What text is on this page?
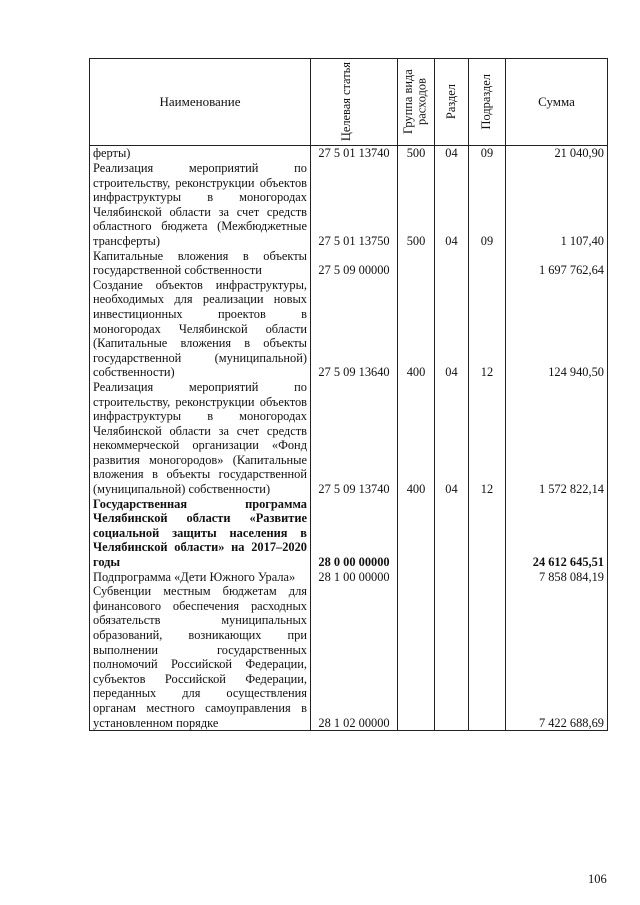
Наименование	Целевая статья	Группа вида расходов	Раздел	Подраздел	Сумма
ферты)	27 5 01 13740	500	04	09	21 040,90
Реализация мероприятий по строительству, реконструкции объектов инфраструктуры в моногородах Челябинской области за счет средств областного бюджета (Межбюджетные трансферты)	27 5 01 13750	500	04	09	1 107,40
Капитальные вложения в объекты государственной собственности	27 5 09 00000				1 697 762,64
Создание объектов инфраструктуры, необходимых для реализации новых инвестиционных проектов в моногородах Челябинской области (Капитальные вложения в объекты государственной (муниципальной) собственности)	27 5 09 13640	400	04	12	124 940,50
Реализация мероприятий по строительству, реконструкции объектов инфраструктуры в моногородах Челябинской области за счет средств некоммерческой организации «Фонд развития моногородов» (Капитальные вложения в объекты государственной (муниципальной) собственности)	27 5 09 13740	400	04	12	1 572 822,14
Государственная программа Челябинской области «Развитие социальной защиты населения в Челябинской области» на 2017–2020 годы	28 0 00 00000				24 612 645,51
Подпрограмма «Дети Южного Урала»	28 1 00 00000				7 858 084,19
Субвенции местным бюджетам для финансового обеспечения расходных обязательств муниципальных образований, возникающих при выполнении государственных полномочий Российской Федерации, субъектов Российской Федерации, переданных для осуществления органам местного самоуправления в установленном порядке	28 1 02 00000				7 422 688,69
106
